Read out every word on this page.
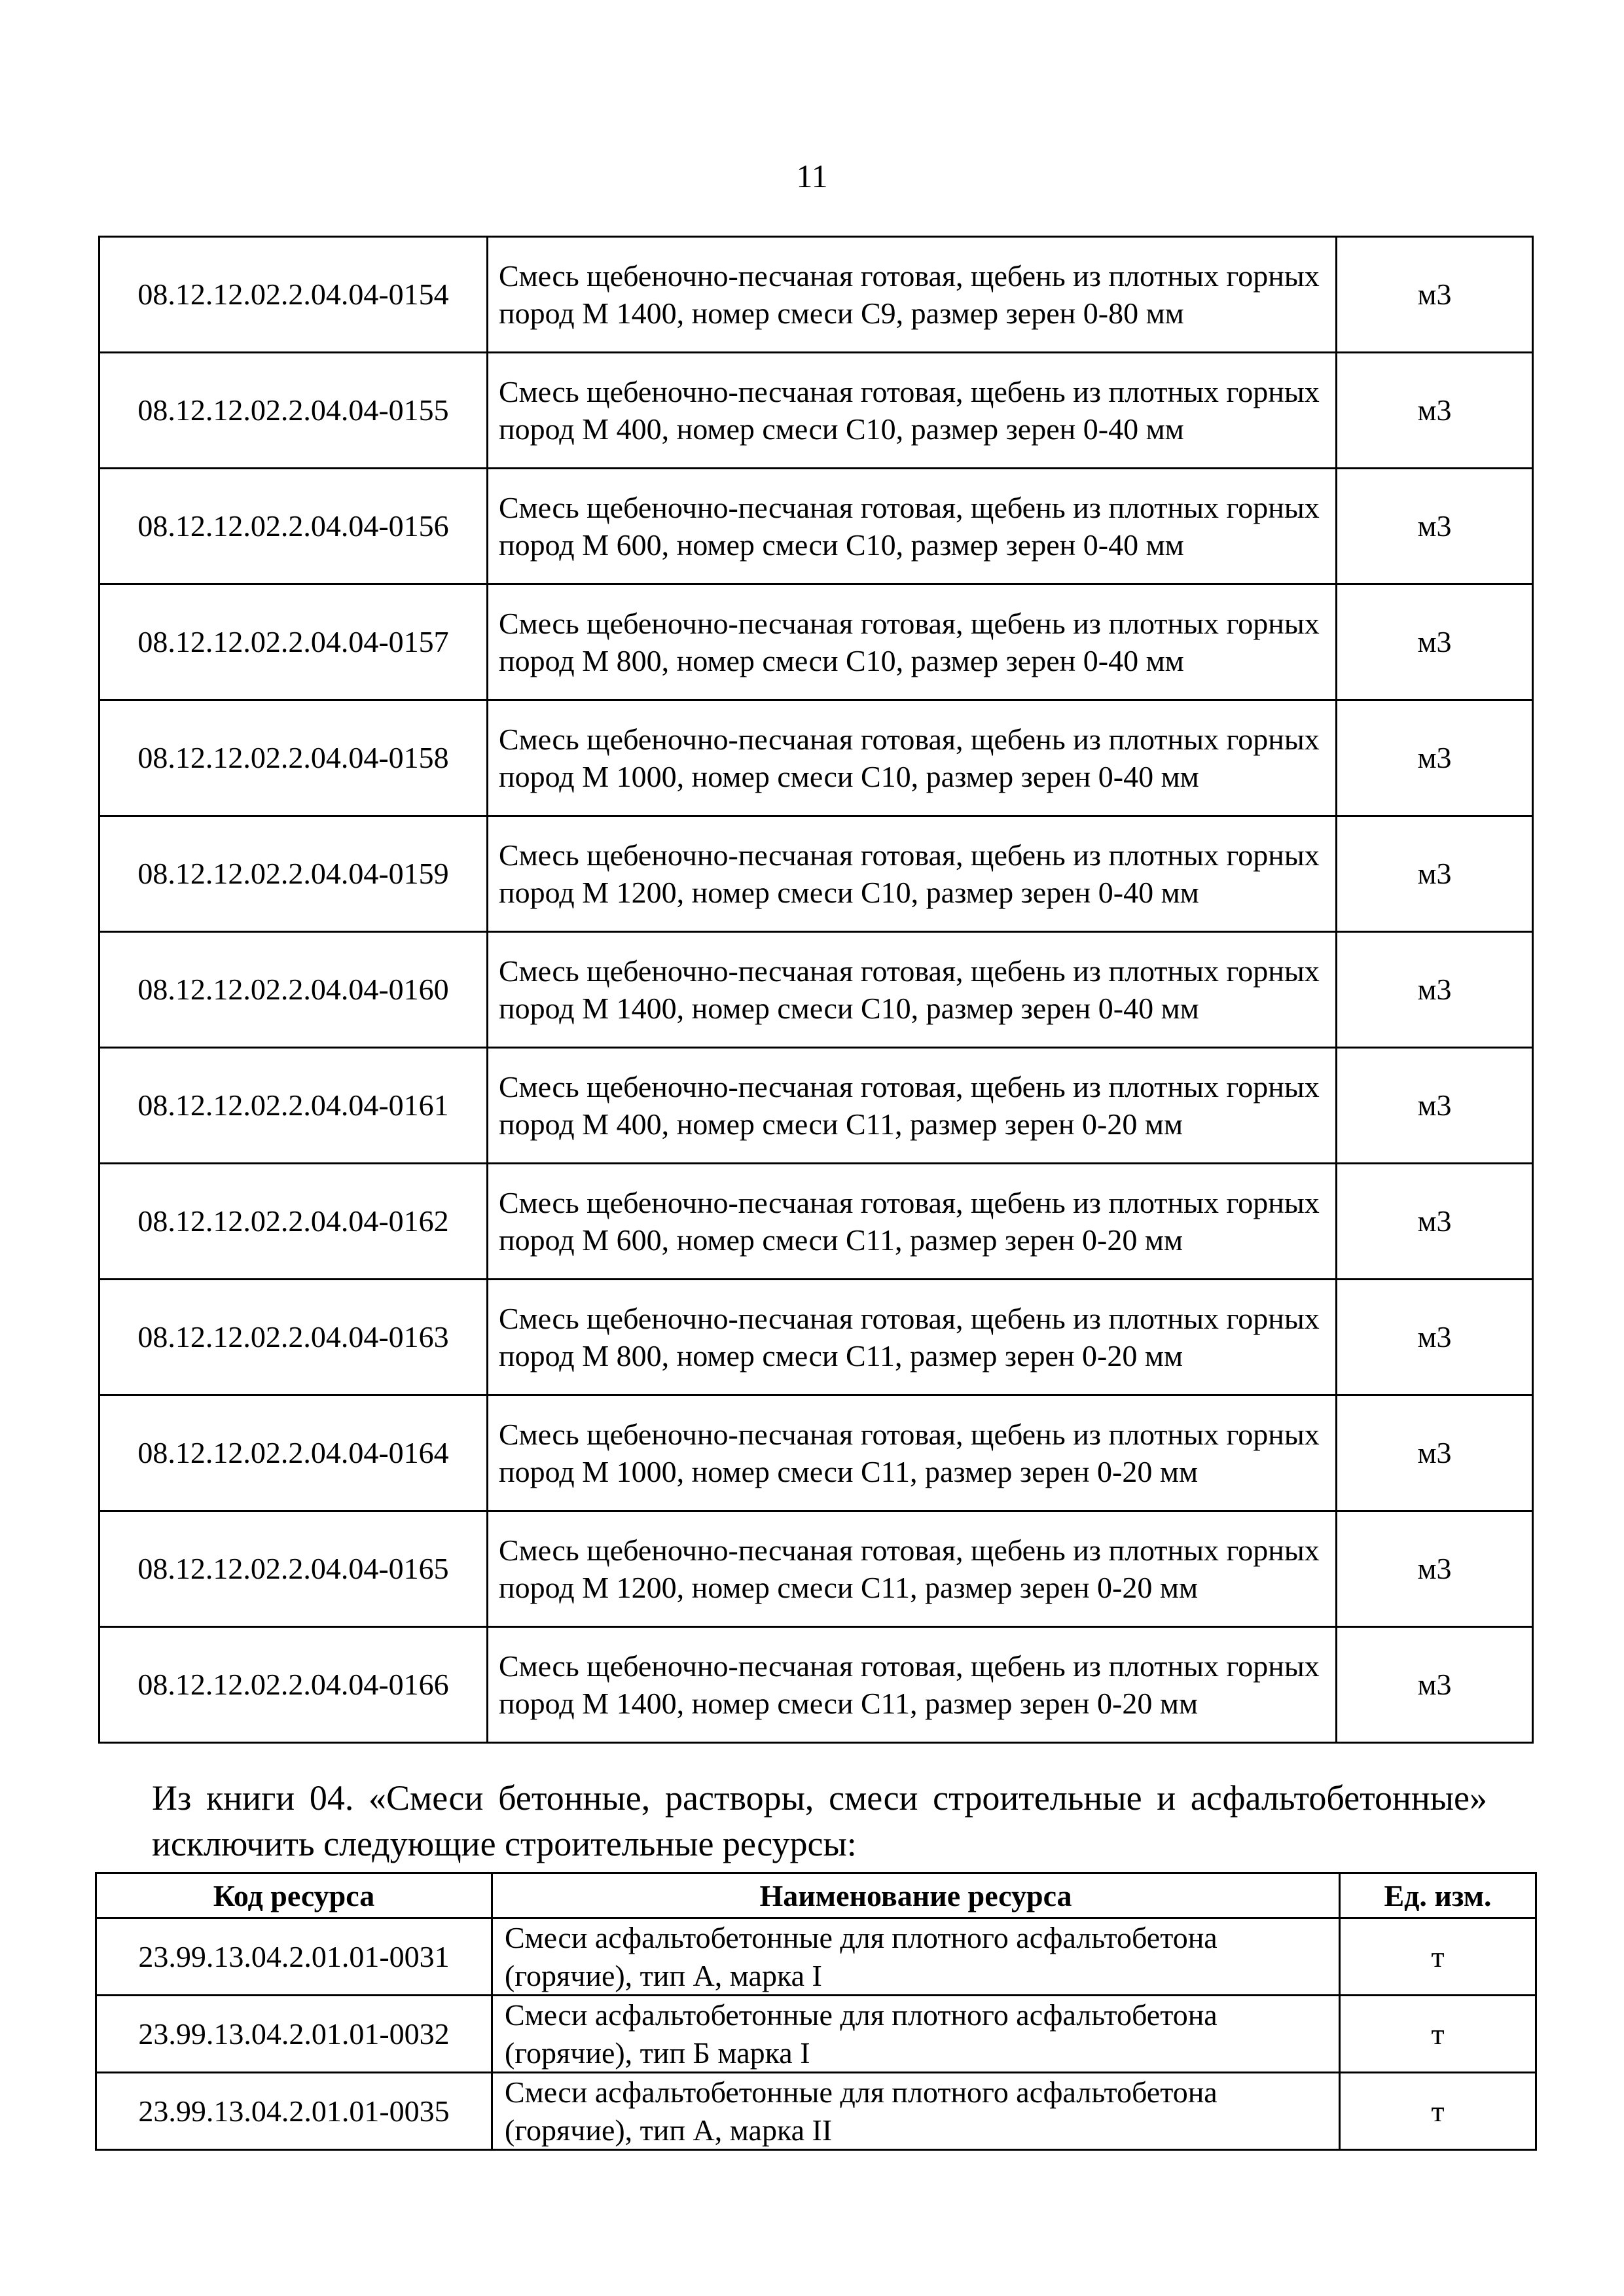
11
08.12.12.02.2.04.04-0154	Смесь щебеночно-песчаная готовая, щебень из плотных горных пород М 1400, номер смеси С9, размер зерен 0-80 мм	м3
08.12.12.02.2.04.04-0155	Смесь щебеночно-песчаная готовая, щебень из плотных горных пород М 400, номер смеси С10, размер зерен 0-40 мм	м3
08.12.12.02.2.04.04-0156	Смесь щебеночно-песчаная готовая, щебень из плотных горных пород М 600, номер смеси С10, размер зерен 0-40 мм	м3
08.12.12.02.2.04.04-0157	Смесь щебеночно-песчаная готовая, щебень из плотных горных пород М 800, номер смеси С10, размер зерен 0-40 мм	м3
08.12.12.02.2.04.04-0158	Смесь щебеночно-песчаная готовая, щебень из плотных горных пород М 1000, номер смеси С10, размер зерен 0-40 мм	м3
08.12.12.02.2.04.04-0159	Смесь щебеночно-песчаная готовая, щебень из плотных горных пород М 1200, номер смеси С10, размер зерен 0-40 мм	м3
08.12.12.02.2.04.04-0160	Смесь щебеночно-песчаная готовая, щебень из плотных горных пород М 1400, номер смеси С10, размер зерен 0-40 мм	м3
08.12.12.02.2.04.04-0161	Смесь щебеночно-песчаная готовая, щебень из плотных горных пород М 400, номер смеси С11, размер зерен 0-20 мм	м3
08.12.12.02.2.04.04-0162	Смесь щебеночно-песчаная готовая, щебень из плотных горных пород М 600, номер смеси С11, размер зерен 0-20 мм	м3
08.12.12.02.2.04.04-0163	Смесь щебеночно-песчаная готовая, щебень из плотных горных пород М 800, номер смеси С11, размер зерен 0-20 мм	м3
08.12.12.02.2.04.04-0164	Смесь щебеночно-песчаная готовая, щебень из плотных горных пород М 1000, номер смеси С11, размер зерен 0-20 мм	м3
08.12.12.02.2.04.04-0165	Смесь щебеночно-песчаная готовая, щебень из плотных горных пород М 1200, номер смеси С11, размер зерен 0-20 мм	м3
08.12.12.02.2.04.04-0166	Смесь щебеночно-песчаная готовая, щебень из плотных горных пород М 1400, номер смеси С11, размер зерен 0-20 мм	м3
Из книги 04. «Смеси бетонные, растворы, смеси строительные и асфальтобетонные» исключить следующие строительные ресурсы:
Код ресурса	Наименование ресурса	Ед. изм.
23.99.13.04.2.01.01-0031	Смеси асфальтобетонные для плотного асфальтобетона (горячие), тип А, марка I	т
23.99.13.04.2.01.01-0032	Смеси асфальтобетонные для плотного асфальтобетона (горячие), тип Б марка I	т
23.99.13.04.2.01.01-0035	Смеси асфальтобетонные для плотного асфальтобетона (горячие), тип А, марка II	т
